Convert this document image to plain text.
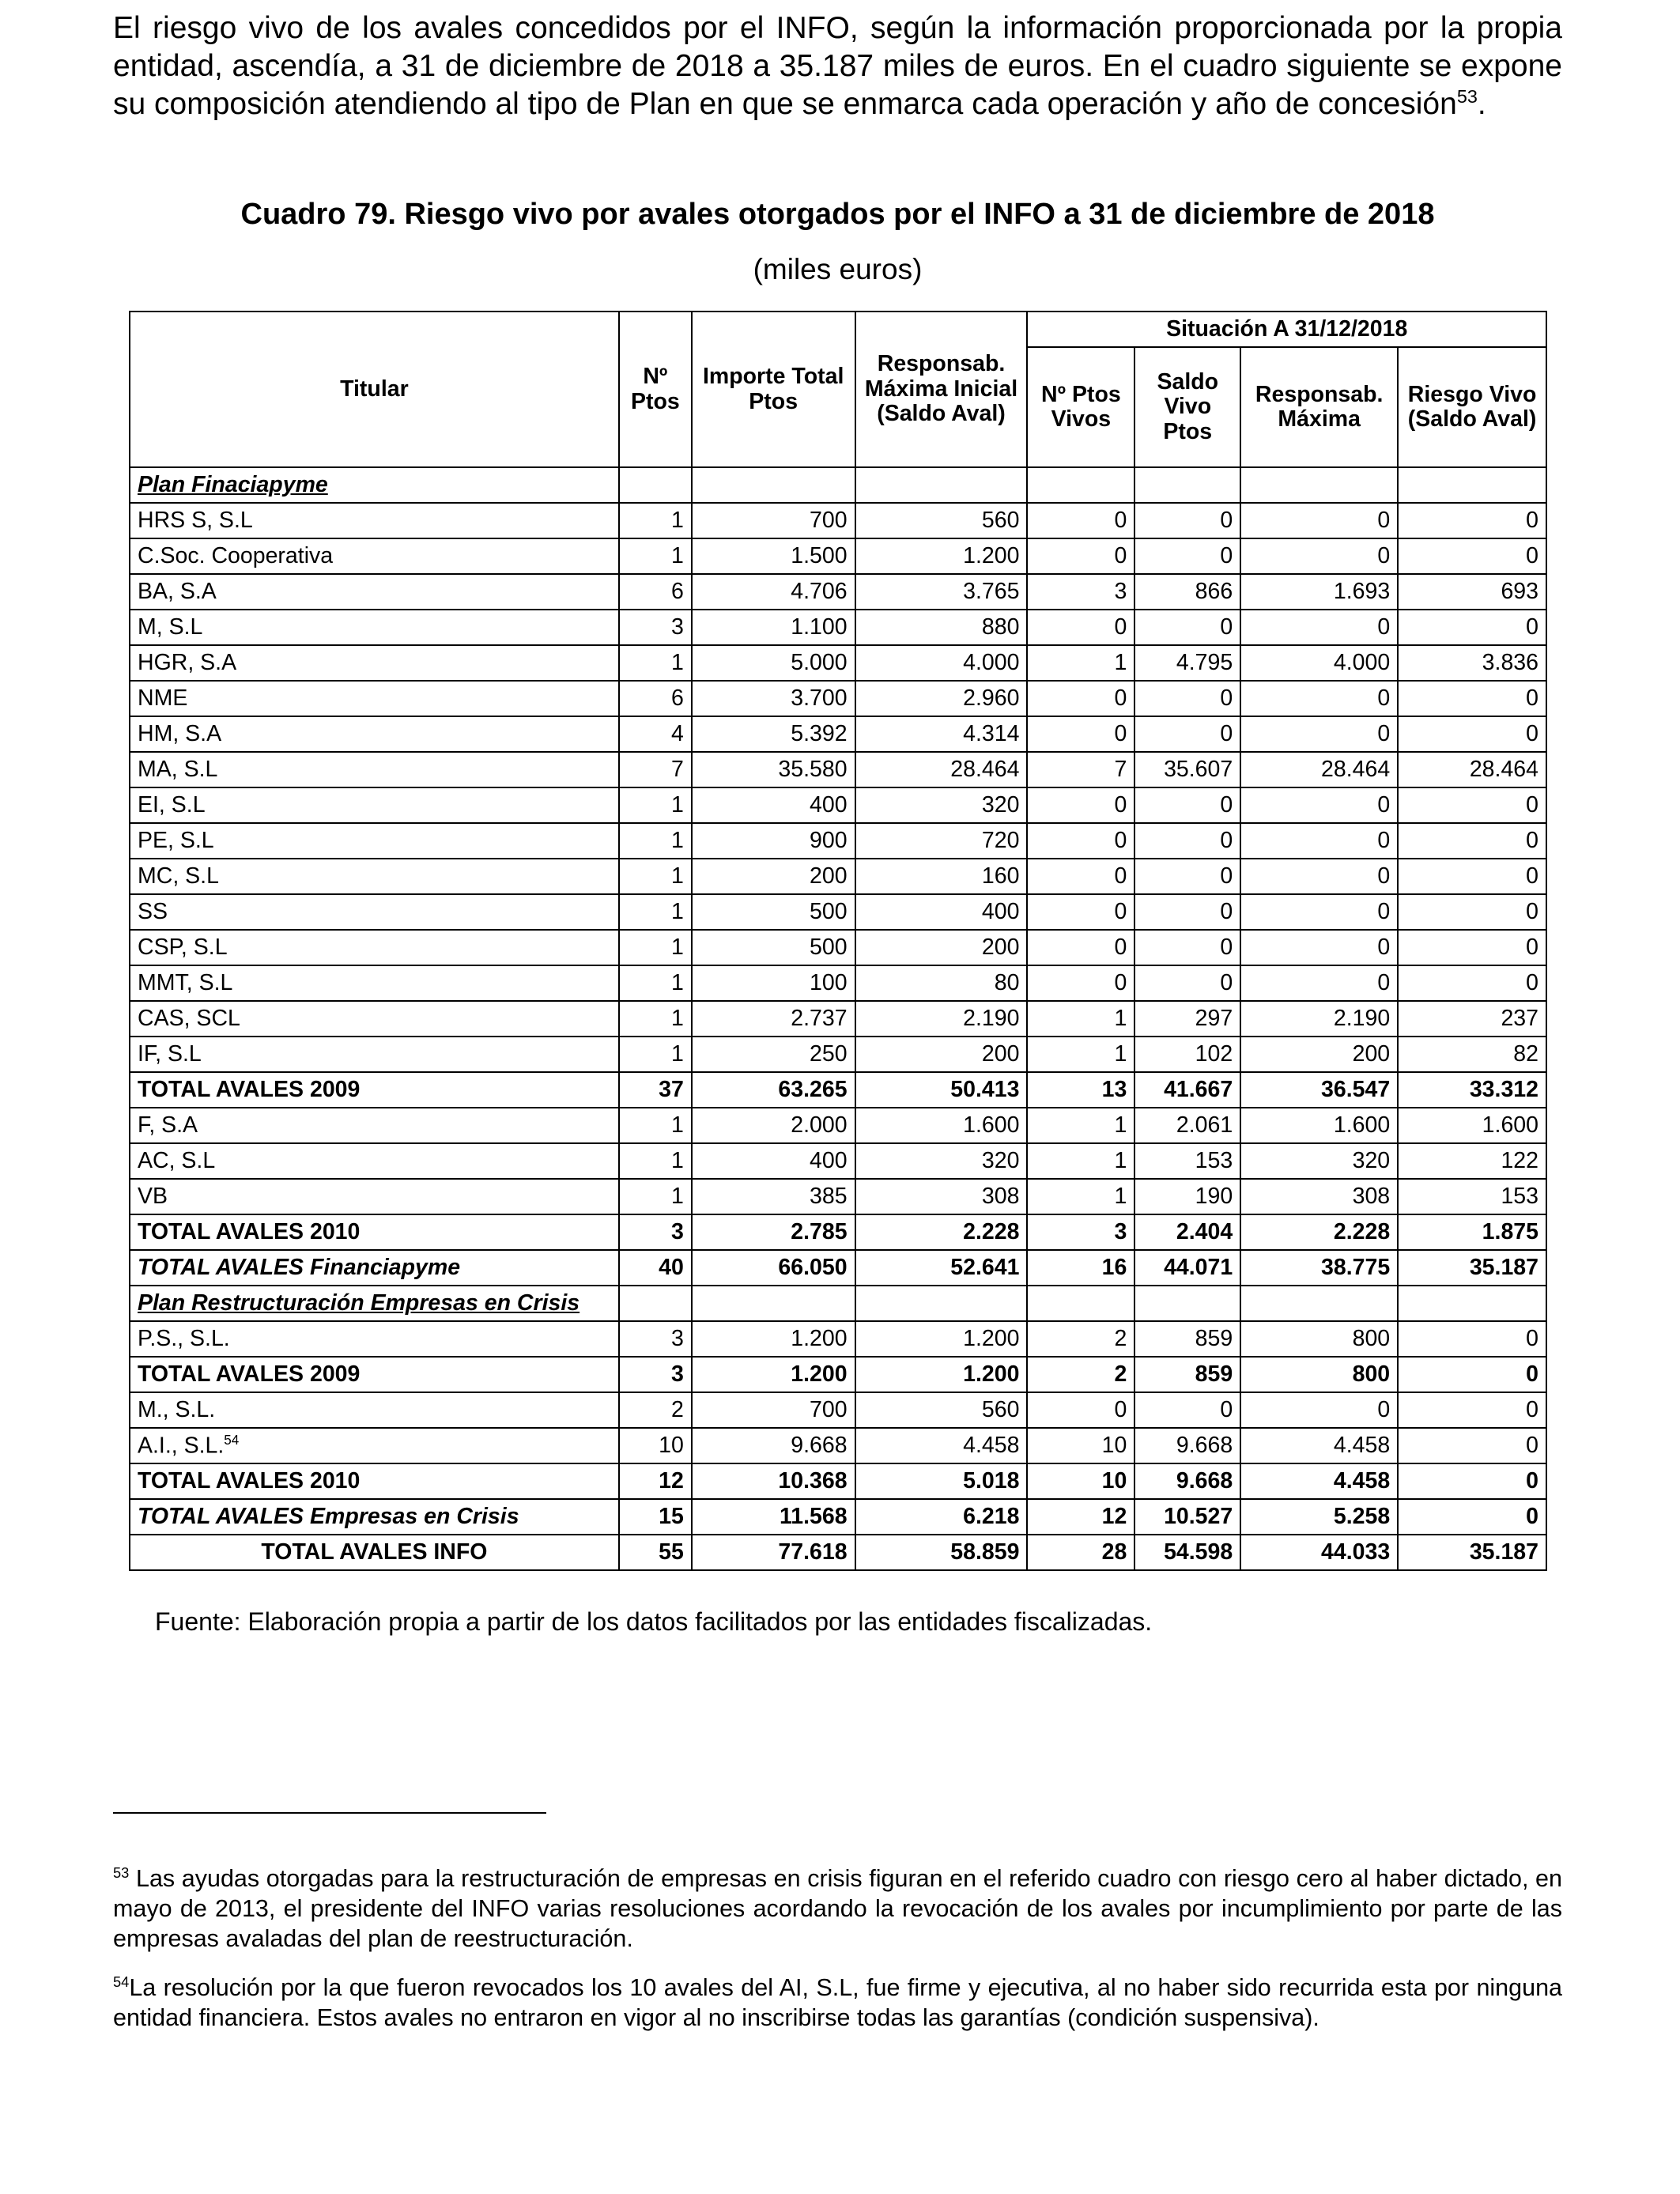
El riesgo vivo de los avales concedidos por el INFO, según la información proporcionada por la propia entidad, ascendía, a 31 de diciembre de 2018 a 35.187 miles de euros. En el cuadro siguiente se expone su composición atendiendo al tipo de Plan en que se enmarca cada operación y año de concesión$^{53}$.

Cuadro 79. Riesgo vivo por avales otorgados por el INFO a 31 de diciembre de 2018

(miles euros)

Titular	Nº Ptos	Importe Total Ptos	Responsab. Máxima Inicial (Saldo Aval)	Situación A 31/12/2018			
				Nº Ptos Vivos	Saldo Vivo Ptos	Responsab. Máxima	Riesgo Vivo (Saldo Aval)
Plan Finaciapyme							
HRS S, S.L	1	700	560	0	0	0	0
C.Soc. Cooperativa	1	1.500	1.200	0	0	0	0
BA, S.A	6	4.706	3.765	3	866	1.693	693
M, S.L	3	1.100	880	0	0	0	0
HGR, S.A	1	5.000	4.000	1	4.795	4.000	3.836
NME	6	3.700	2.960	0	0	0	0
HM, S.A	4	5.392	4.314	0	0	0	0
MA, S.L	7	35.580	28.464	7	35.607	28.464	28.464
EI, S.L	1	400	320	0	0	0	0
PE, S.L	1	900	720	0	0	0	0
MC, S.L	1	200	160	0	0	0	0
SS	1	500	400	0	0	0	0
CSP, S.L	1	500	200	0	0	0	0
MMT, S.L	1	100	80	0	0	0	0
CAS, SCL	1	2.737	2.190	1	297	2.190	237
IF, S.L	1	250	200	1	102	200	82
TOTAL AVALES 2009	37	63.265	50.413	13	41.667	36.547	33.312
F, S.A	1	2.000	1.600	1	2.061	1.600	1.600
AC, S.L	1	400	320	1	153	320	122
VB	1	385	308	1	190	308	153
TOTAL AVALES 2010	3	2.785	2.228	3	2.404	2.228	1.875
TOTAL AVALES Financiapyme	40	66.050	52.641	16	44.071	38.775	35.187
Plan Restructuración Empresas en Crisis							
P.S., S.L.	3	1.200	1.200	2	859	800	0
TOTAL AVALES 2009	3	1.200	1.200	2	859	800	0
M., S.L.	2	700	560	0	0	0	0
A.I., S.L.$^{54}$	10	9.668	4.458	10	9.668	4.458	0
TOTAL AVALES 2010	12	10.368	5.018	10	9.668	4.458	0
TOTAL AVALES Empresas en Crisis	15	11.568	6.218	12	10.527	5.258	0
TOTAL AVALES INFO	55	77.618	58.859	28	54.598	44.033	35.187

Fuente: Elaboración propia a partir de los datos facilitados por las entidades fiscalizadas.

$^{53}$ Las ayudas otorgadas para la restructuración de empresas en crisis figuran en el referido cuadro con riesgo cero al haber dictado, en mayo de 2013, el presidente del INFO varias resoluciones acordando la revocación de los avales por incumplimiento por parte de las empresas avaladas del plan de reestructuración.

$^{54}$La resolución por la que fueron revocados los 10 avales del AI, S.L, fue firme y ejecutiva, al no haber sido recurrida esta por ninguna entidad financiera. Estos avales no entraron en vigor al no inscribirse todas las garantías (condición suspensiva).
